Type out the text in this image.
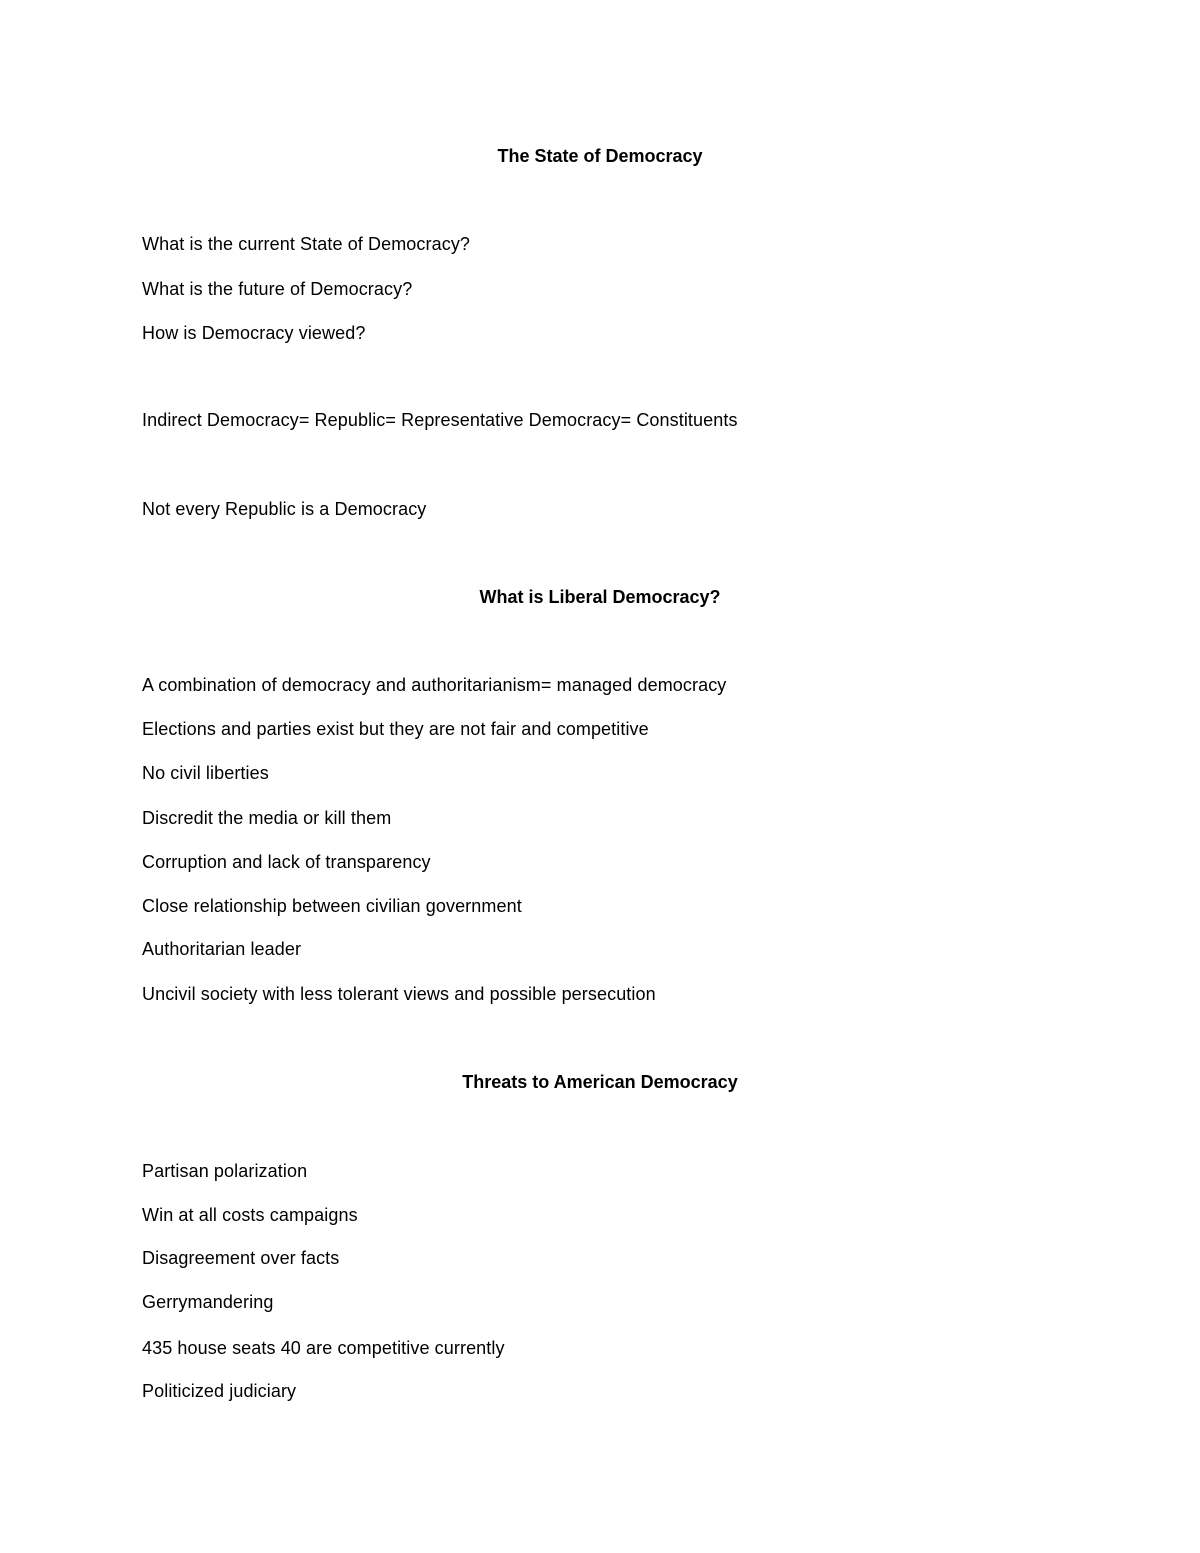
The State of Democracy
What is the current State of Democracy?
What is the future of Democracy?
How is Democracy viewed?
Indirect Democracy= Republic= Representative Democracy= Constituents
Not every Republic is a Democracy
What is Liberal Democracy?
A combination of democracy and authoritarianism= managed democracy
Elections and parties exist but they are not fair and competitive
No civil liberties
Discredit the media or kill them
Corruption and lack of transparency
Close relationship between civilian government
Authoritarian leader
Uncivil society with less tolerant views and possible persecution
Threats to American Democracy
Partisan polarization
Win at all costs campaigns
Disagreement over facts
Gerrymandering
435 house seats 40 are competitive currently
Politicized judiciary
